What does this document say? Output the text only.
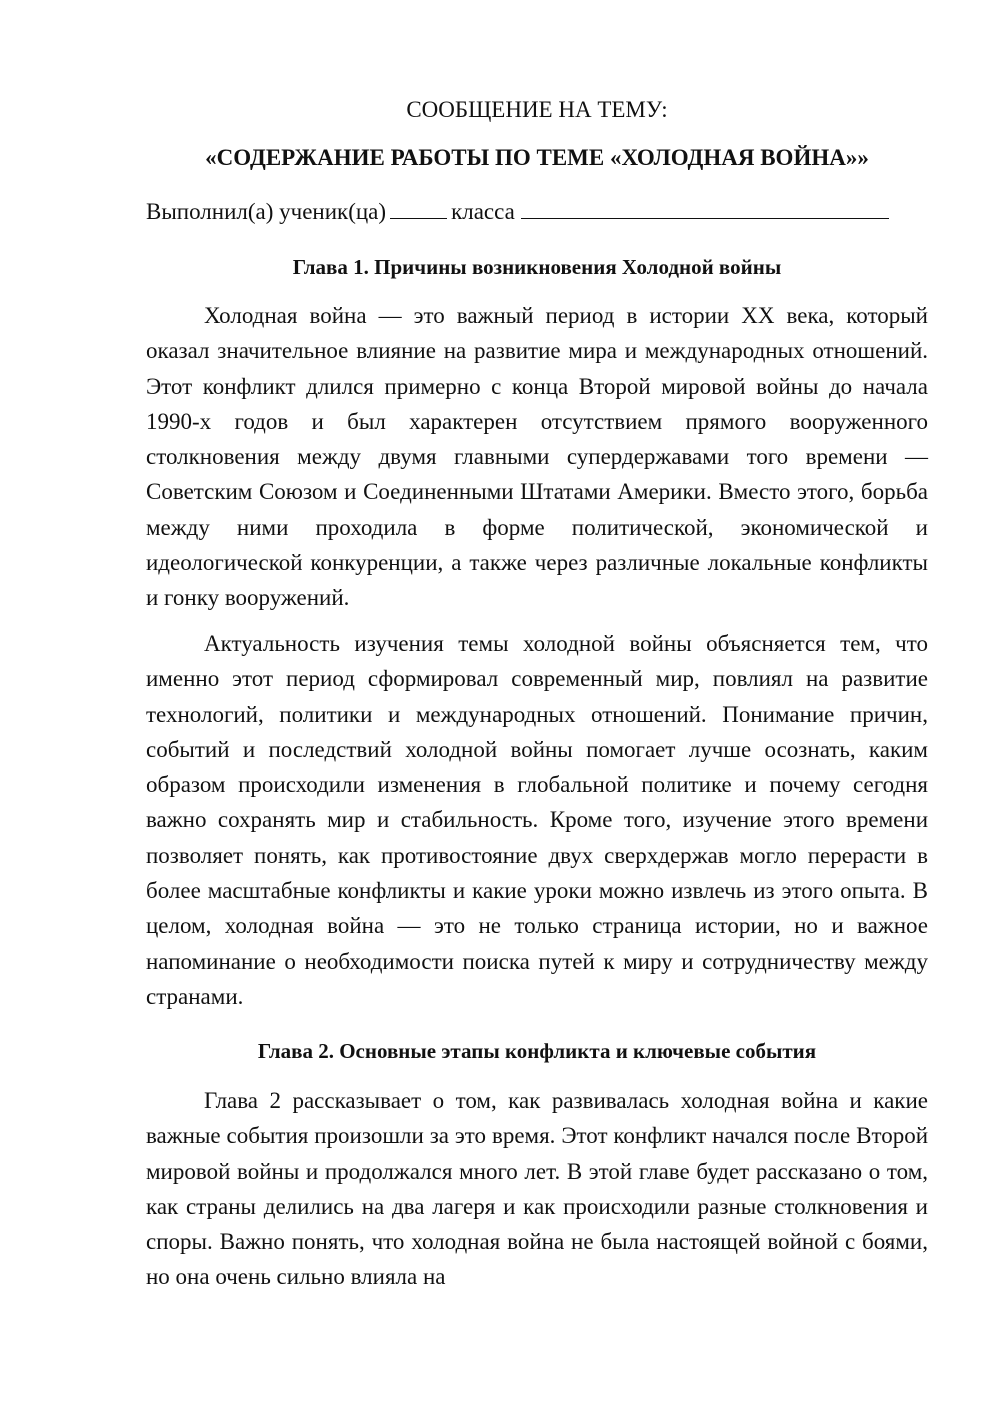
СООБЩЕНИЕ НА ТЕМУ:
«СОДЕРЖАНИЕ РАБОТЫ ПО ТЕМЕ «ХОЛОДНАЯ ВОЙНА»»
Выполнил(а) ученик(ца)	класса
Глава 1. Причины возникновения Холодной войны

Холодная война — это важный период в истории XX века, который оказал значительное влияние на развитие мира и международных отношений. Этот конфликт длился примерно с конца Второй мировой войны до начала 1990-х годов и был характерен отсутствием прямого вооруженного столкновения между двумя главными супердержавами того времени — Советским Союзом и Соединенными Штатами Америки. Вместо этого, борьба между ними проходила в форме политической, экономической и идеологической конкуренции, а также через различные локальные конфликты и гонку вооружений.

Актуальность изучения темы холодной войны объясняется тем, что именно этот период сформировал современный мир, повлиял на развитие технологий, политики и международных отношений. Понимание причин, событий и последствий холодной войны помогает лучше осознать, каким образом происходили изменения в глобальной политике и почему сегодня важно сохранять мир и стабильность. Кроме того, изучение этого времени позволяет понять, как противостояние двух сверхдержав могло перерасти в более масштабные конфликты и какие уроки можно извлечь из этого опыта. В целом, холодная война — это не только страница истории, но и важное напоминание о необходимости поиска путей к миру и сотрудничеству между странами.

Глава 2. Основные этапы конфликта и ключевые события

Глава 2 рассказывает о том, как развивалась холодная война и какие важные события произошли за это время. Этот конфликт начался после Второй мировой войны и продолжался много лет. В этой главе будет рассказано о том, как страны делились на два лагеря и как происходили разные столкновения и споры. Важно понять, что холодная война не была настоящей войной с боями, но она очень сильно влияла на
